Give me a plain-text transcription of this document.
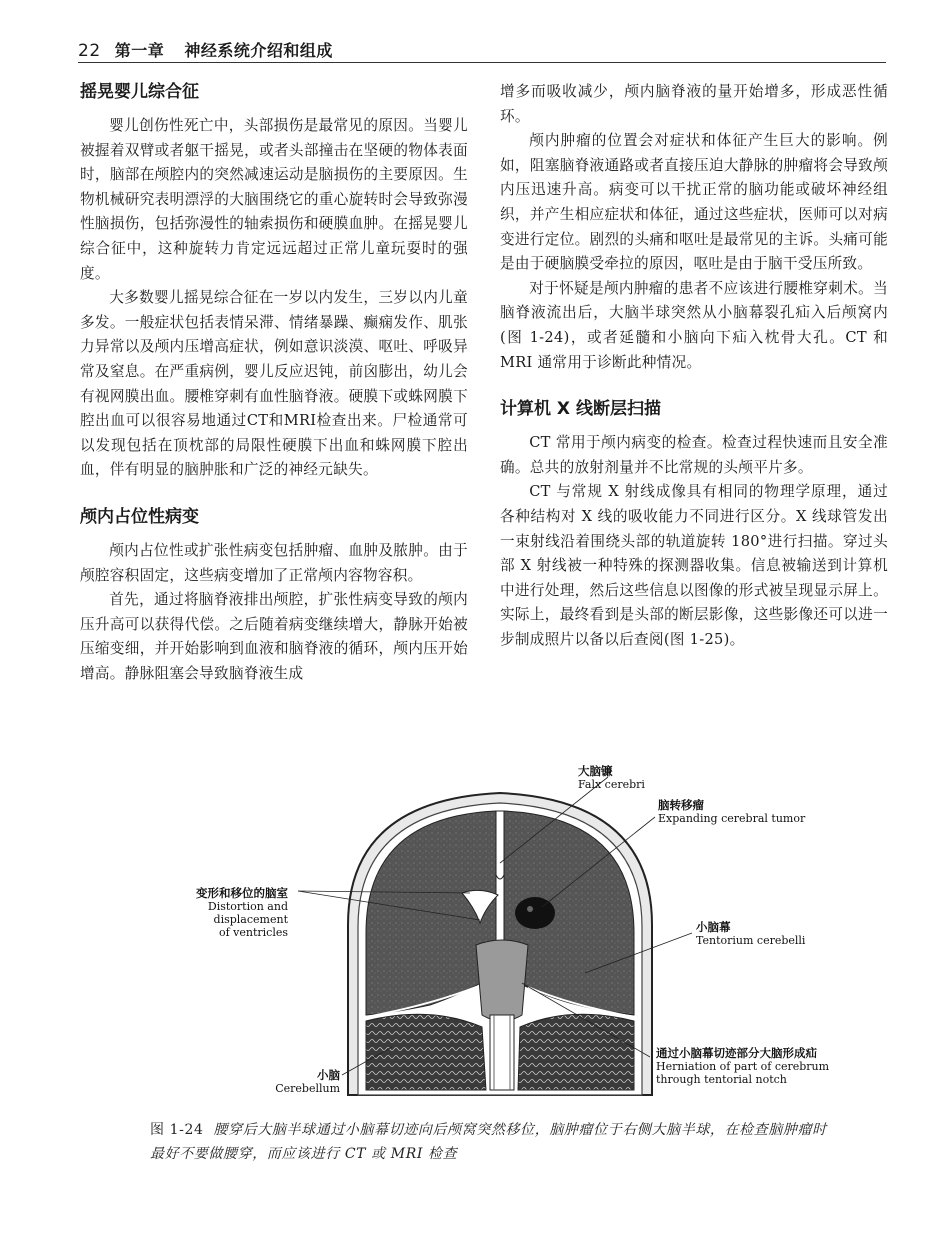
22 第一章 神经系统介绍和组成
摇晃婴儿综合征

婴儿创伤性死亡中，头部损伤是最常见的原因。当婴儿被握着双臂或者躯干摇晃，或者头部撞击在坚硬的物体表面时，脑部在颅腔内的突然减速运动是脑损伤的主要原因。生物机械研究表明漂浮的大脑围绕它的重心旋转时会导致弥漫性脑损伤，包括弥漫性的轴索损伤和硬膜血肿。在摇晃婴儿综合征中，这种旋转力肯定远远超过正常儿童玩耍时的强度。

大多数婴儿摇晃综合征在一岁以内发生，三岁以内儿童多发。一般症状包括表情呆滞、情绪暴躁、癫痫发作、肌张力异常以及颅内压增高症状，例如意识淡漠、呕吐、呼吸异常及窒息。在严重病例，婴儿反应迟钝，前囟膨出，幼儿会有视网膜出血。腰椎穿刺有血性脑脊液。硬膜下或蛛网膜下腔出血可以很容易地通过CT和MRI检查出来。尸检通常可以发现包括在顶枕部的局限性硬膜下出血和蛛网膜下腔出血，伴有明显的脑肿胀和广泛的神经元缺失。

颅内占位性病变

颅内占位性或扩张性病变包括肿瘤、血肿及脓肿。由于颅腔容积固定，这些病变增加了正常颅内容物容积。

首先，通过将脑脊液排出颅腔，扩张性病变导致的颅内压升高可以获得代偿。之后随着病变继续增大，静脉开始被压缩变细，并开始影响到血液和脑脊液的循环，颅内压开始增高。静脉阻塞会导致脑脊液生成

增多而吸收减少，颅内脑脊液的量开始增多，形成恶性循环。

颅内肿瘤的位置会对症状和体征产生巨大的影响。例如，阻塞脑脊液通路或者直接压迫大静脉的肿瘤将会导致颅内压迅速升高。病变可以干扰正常的脑功能或破坏神经组织，并产生相应症状和体征，通过这些症状，医师可以对病变进行定位。剧烈的头痛和呕吐是最常见的主诉。头痛可能是由于硬脑膜受牵拉的原因，呕吐是由于脑干受压所致。

对于怀疑是颅内肿瘤的患者不应该进行腰椎穿刺术。当脑脊液流出后，大脑半球突然从小脑幕裂孔疝入后颅窝内(图 1-24)，或者延髓和小脑向下疝入枕骨大孔。CT 和 MRI 通常用于诊断此种情况。

计算机 X 线断层扫描

CT 常用于颅内病变的检查。检查过程快速而且安全准确。总共的放射剂量并不比常规的头颅平片多。

CT 与常规 X 射线成像具有相同的物理学原理，通过各种结构对 X 线的吸收能力不同进行区分。X 线球管发出一束射线沿着围绕头部的轨道旋转 180°进行扫描。穿过头部 X 射线被一种特殊的探测器收集。信息被输送到计算机中进行处理，然后这些信息以图像的形式被呈现显示屏上。实际上，最终看到是头部的断层影像，这些影像还可以进一步制成照片以备以后查阅(图 1-25)。

大脑镰
Falx cerebri
脑转移瘤
Expanding cerebral tumor
变形和移位的脑室
Distortion and displacement
of ventricles	小脑幕
Tentorium cerebelli
通过小脑幕切迹部分大脑形成疝
Herniation of part of cerebrum
through tentorial notch
小脑
Cerebellum
图 1-24 腰穿后大脑半球通过小脑幕切迹向后颅窝突然移位，脑肿瘤位于右侧大脑半球，在检查脑肿瘤时最好不要做腰穿，而应该进行 CT 或 MRI 检查
